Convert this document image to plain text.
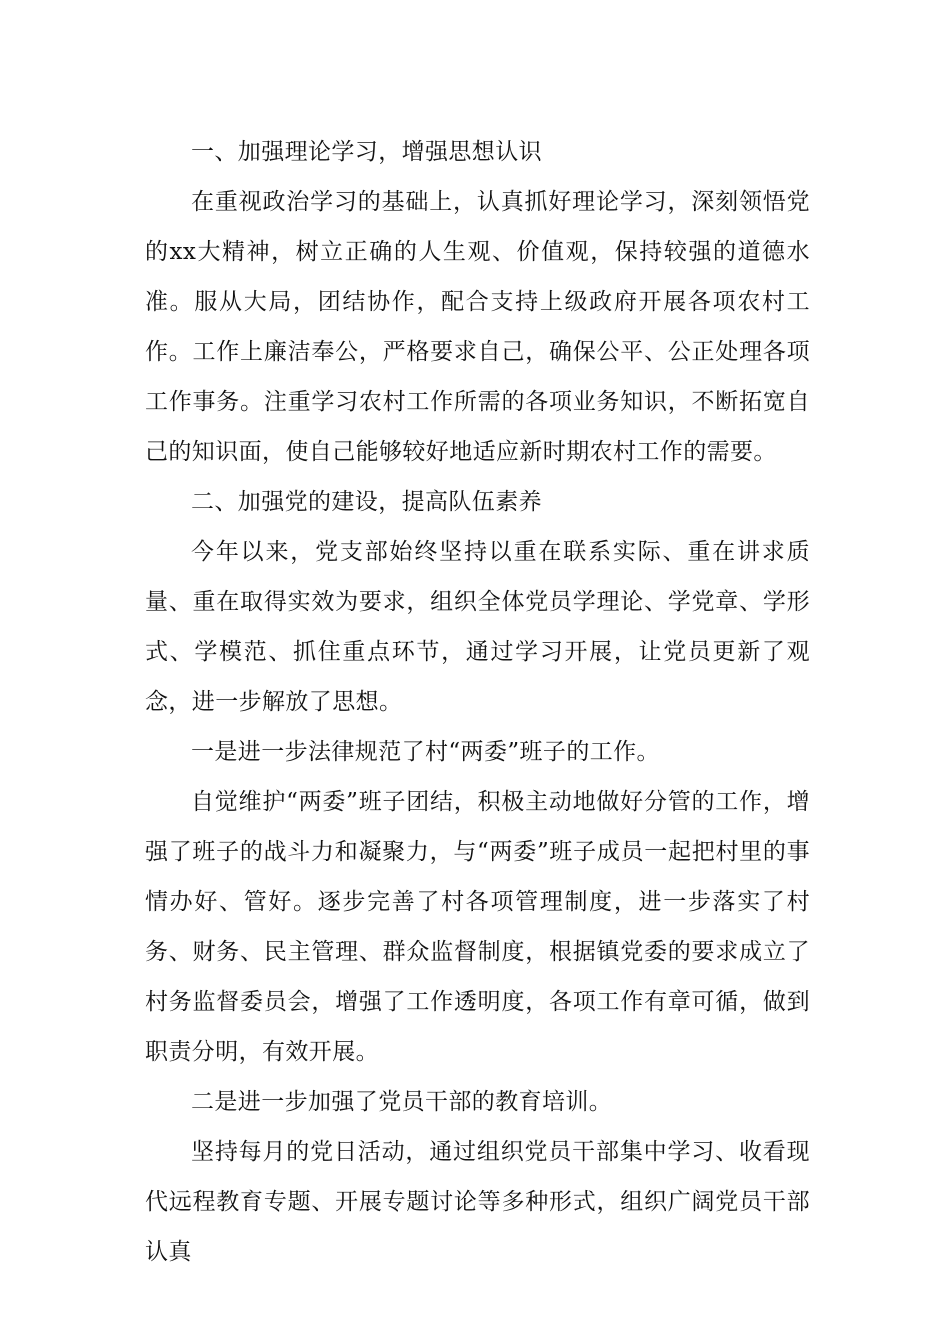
一、加强理论学习，增强思想认识

在重视政治学习的基础上，认真抓好理论学习，深刻领悟党的xx大精神，树立正确的人生观、价值观，保持较强的道德水准。服从大局，团结协作，配合支持上级政府开展各项农村工作。工作上廉洁奉公，严格要求自己，确保公平、公正处理各项工作事务。注重学习农村工作所需的各项业务知识，不断拓宽自己的知识面，使自己能够较好地适应新时期农村工作的需要。

二、加强党的建设，提高队伍素养

今年以来，党支部始终坚持以重在联系实际、重在讲求质量、重在取得实效为要求，组织全体党员学理论、学党章、学形式、学模范、抓住重点环节，通过学习开展，让党员更新了观念，进一步解放了思想。

一是进一步法律规范了村“两委”班子的工作。

自觉维护“两委”班子团结，积极主动地做好分管的工作，增强了班子的战斗力和凝聚力，与“两委”班子成员一起把村里的事情办好、管好。逐步完善了村各项管理制度，进一步落实了村务、财务、民主管理、群众监督制度，根据镇党委的要求成立了村务监督委员会，增强了工作透明度，各项工作有章可循，做到职责分明，有效开展。

二是进一步加强了党员干部的教育培训。

坚持每月的党日活动，通过组织党员干部集中学习、收看现代远程教育专题、开展专题讨论等多种形式，组织广阔党员干部认真
